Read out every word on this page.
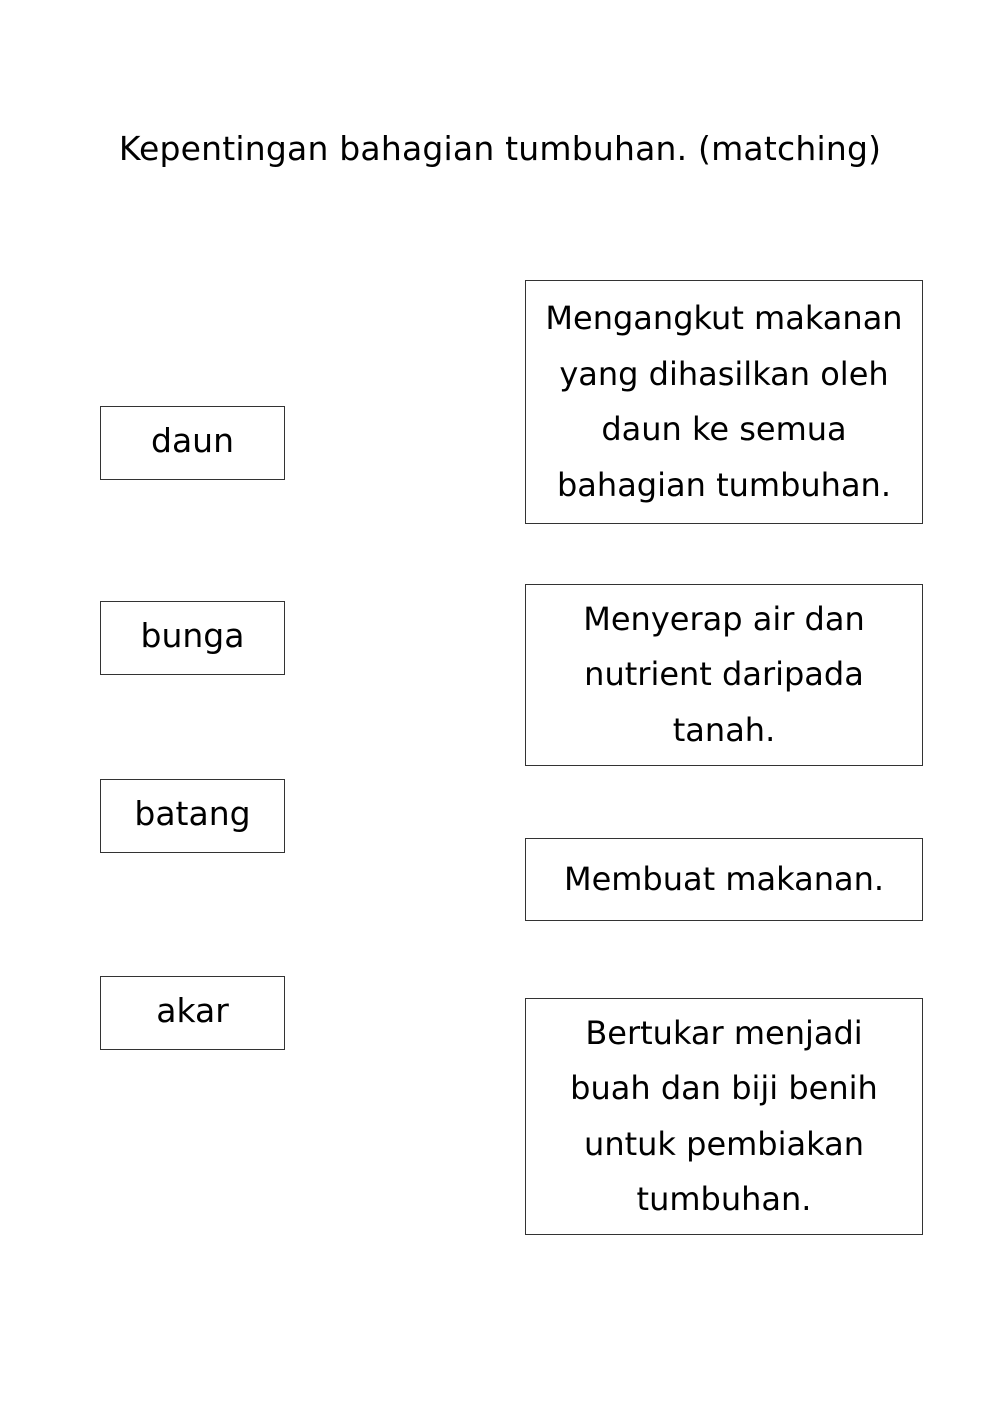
Kepentingan bahagian tumbuhan. (matching)
daun
bunga
batang
akar
Mengangkut makanan yang dihasilkan oleh daun ke semua bahagian tumbuhan.
Menyerap air dan nutrient daripada tanah.
Membuat makanan.
Bertukar menjadi buah dan biji benih untuk pembiakan tumbuhan.
